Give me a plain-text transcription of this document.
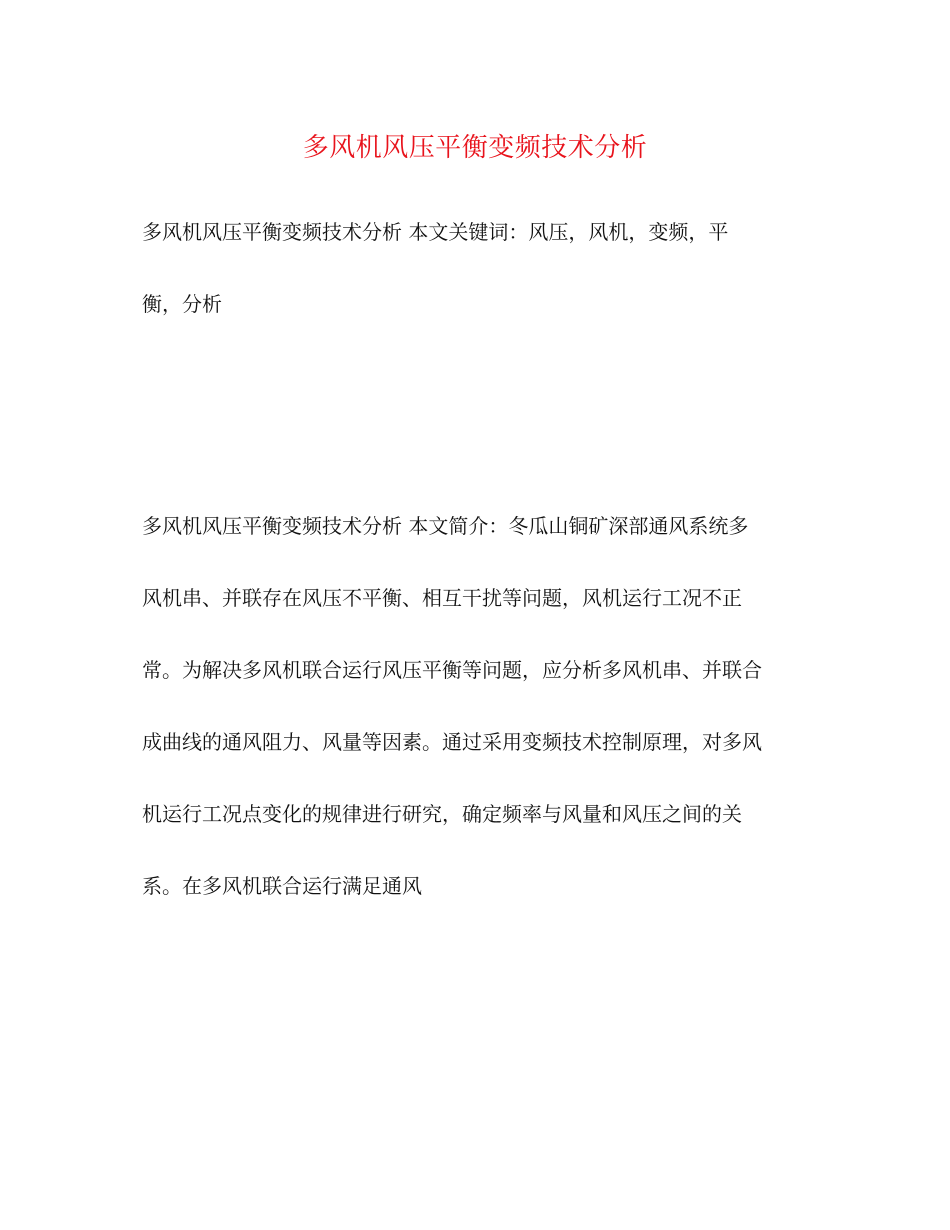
多风机风压平衡变频技术分析
多风机风压平衡变频技术分析 本文关键词：风压，风机，变频，平
衡，分析
多风机风压平衡变频技术分析 本文简介：冬瓜山铜矿深部通风系统多
风机串、并联存在风压不平衡、相互干扰等问题，风机运行工况不正
常。为解决多风机联合运行风压平衡等问题，应分析多风机串、并联合
成曲线的通风阻力、风量等因素。通过采用变频技术控制原理，对多风
机运行工况点变化的规律进行研究，确定频率与风量和风压之间的关
系。在多风机联合运行满足通风
